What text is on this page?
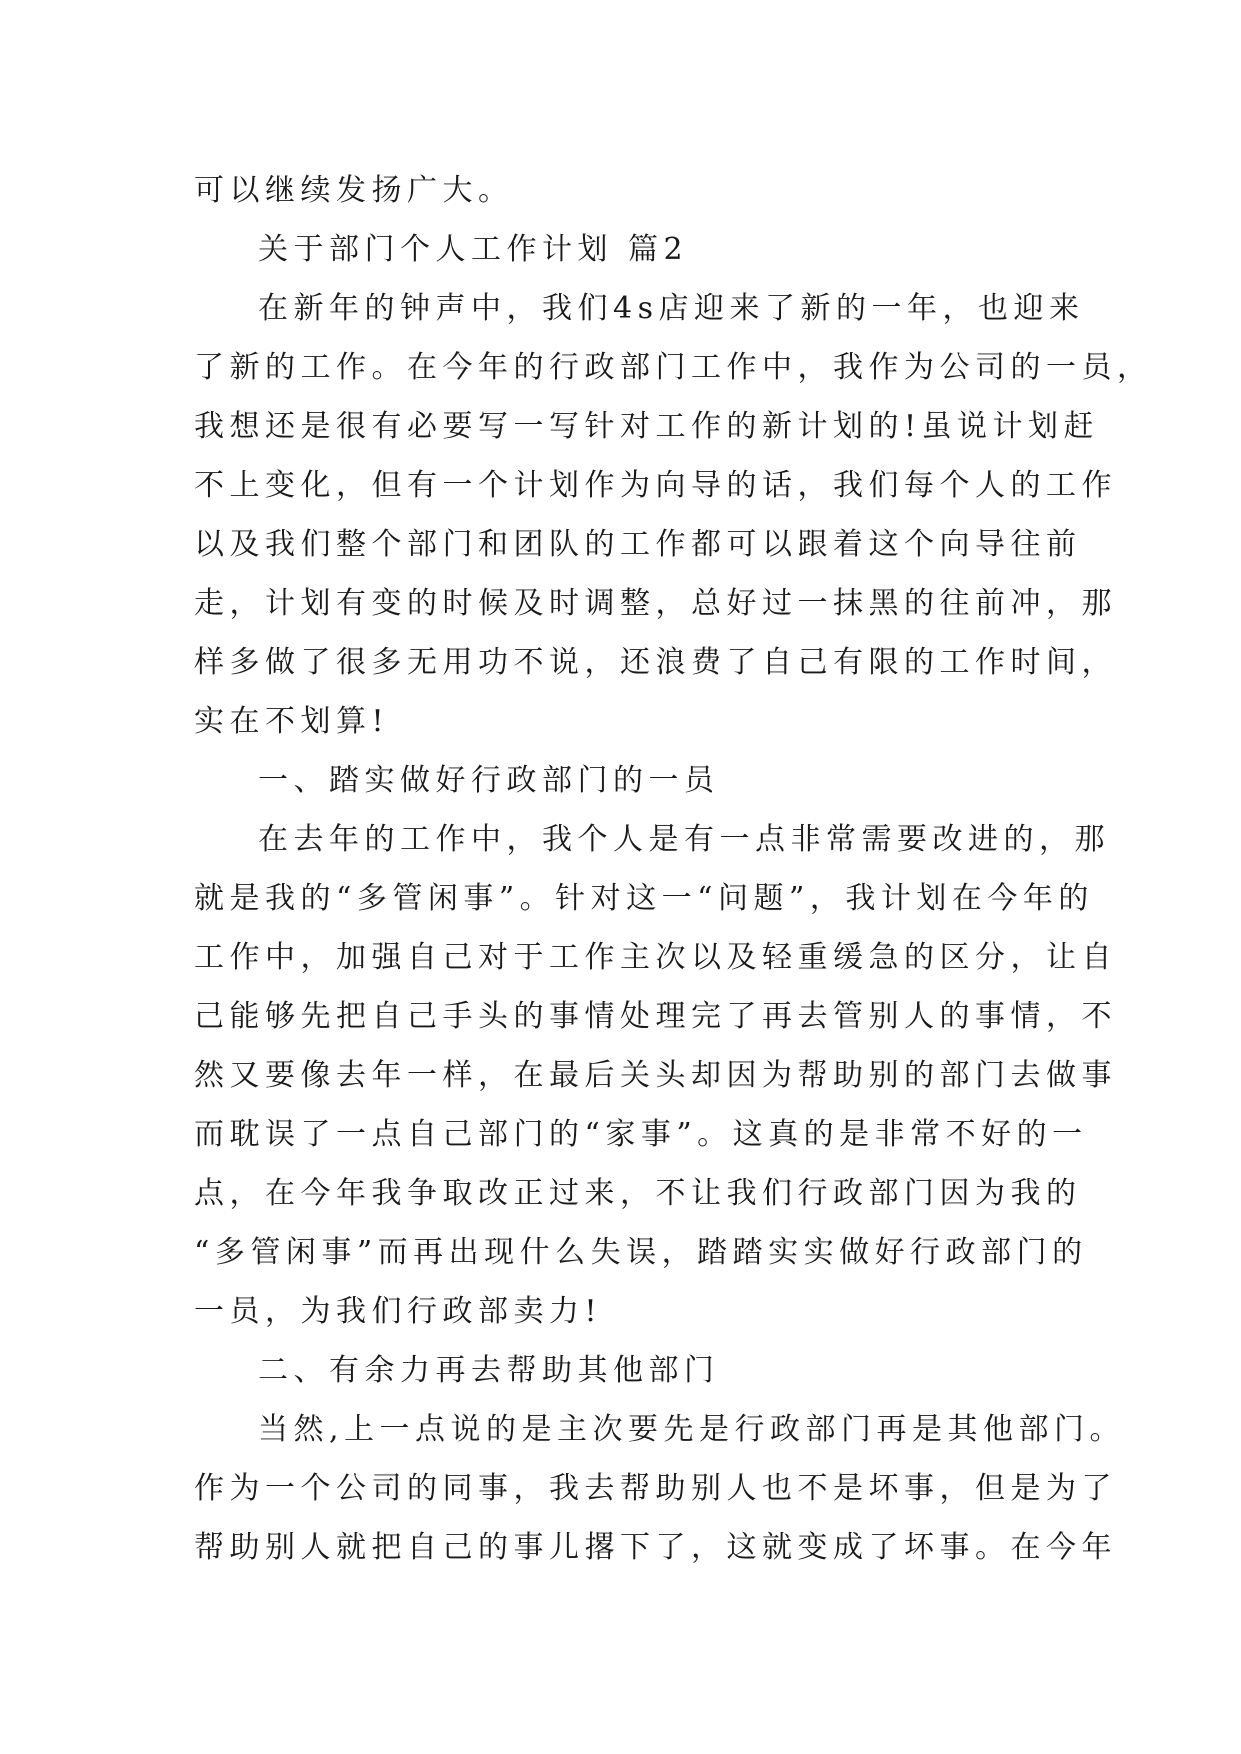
可以继续发扬广大。

关于部门个人工作计划 篇2

在新年的钟声中，我们4s店迎来了新的一年，也迎来

了新的工作。在今年的行政部门工作中，我作为公司的一员，

我想还是很有必要写一写针对工作的新计划的!虽说计划赶

不上变化，但有一个计划作为向导的话，我们每个人的工作

以及我们整个部门和团队的工作都可以跟着这个向导往前

走，计划有变的时候及时调整，总好过一抹黑的往前冲，那

样多做了很多无用功不说，还浪费了自己有限的工作时间，

实在不划算!

一、踏实做好行政部门的一员

在去年的工作中，我个人是有一点非常需要改进的，那

就是我的“多管闲事”。针对这一“问题”，我计划在今年的

工作中，加强自己对于工作主次以及轻重缓急的区分，让自

己能够先把自己手头的事情处理完了再去管别人的事情，不

然又要像去年一样，在最后关头却因为帮助别的部门去做事

而耽误了一点自己部门的“家事”。这真的是非常不好的一

点，在今年我争取改正过来，不让我们行政部门因为我的

“多管闲事”而再出现什么失误，踏踏实实做好行政部门的

一员，为我们行政部卖力!

二、有余力再去帮助其他部门

当然,上一点说的是主次要先是行政部门再是其他部门。

作为一个公司的同事，我去帮助别人也不是坏事，但是为了

帮助别人就把自己的事儿撂下了，这就变成了坏事。在今年
